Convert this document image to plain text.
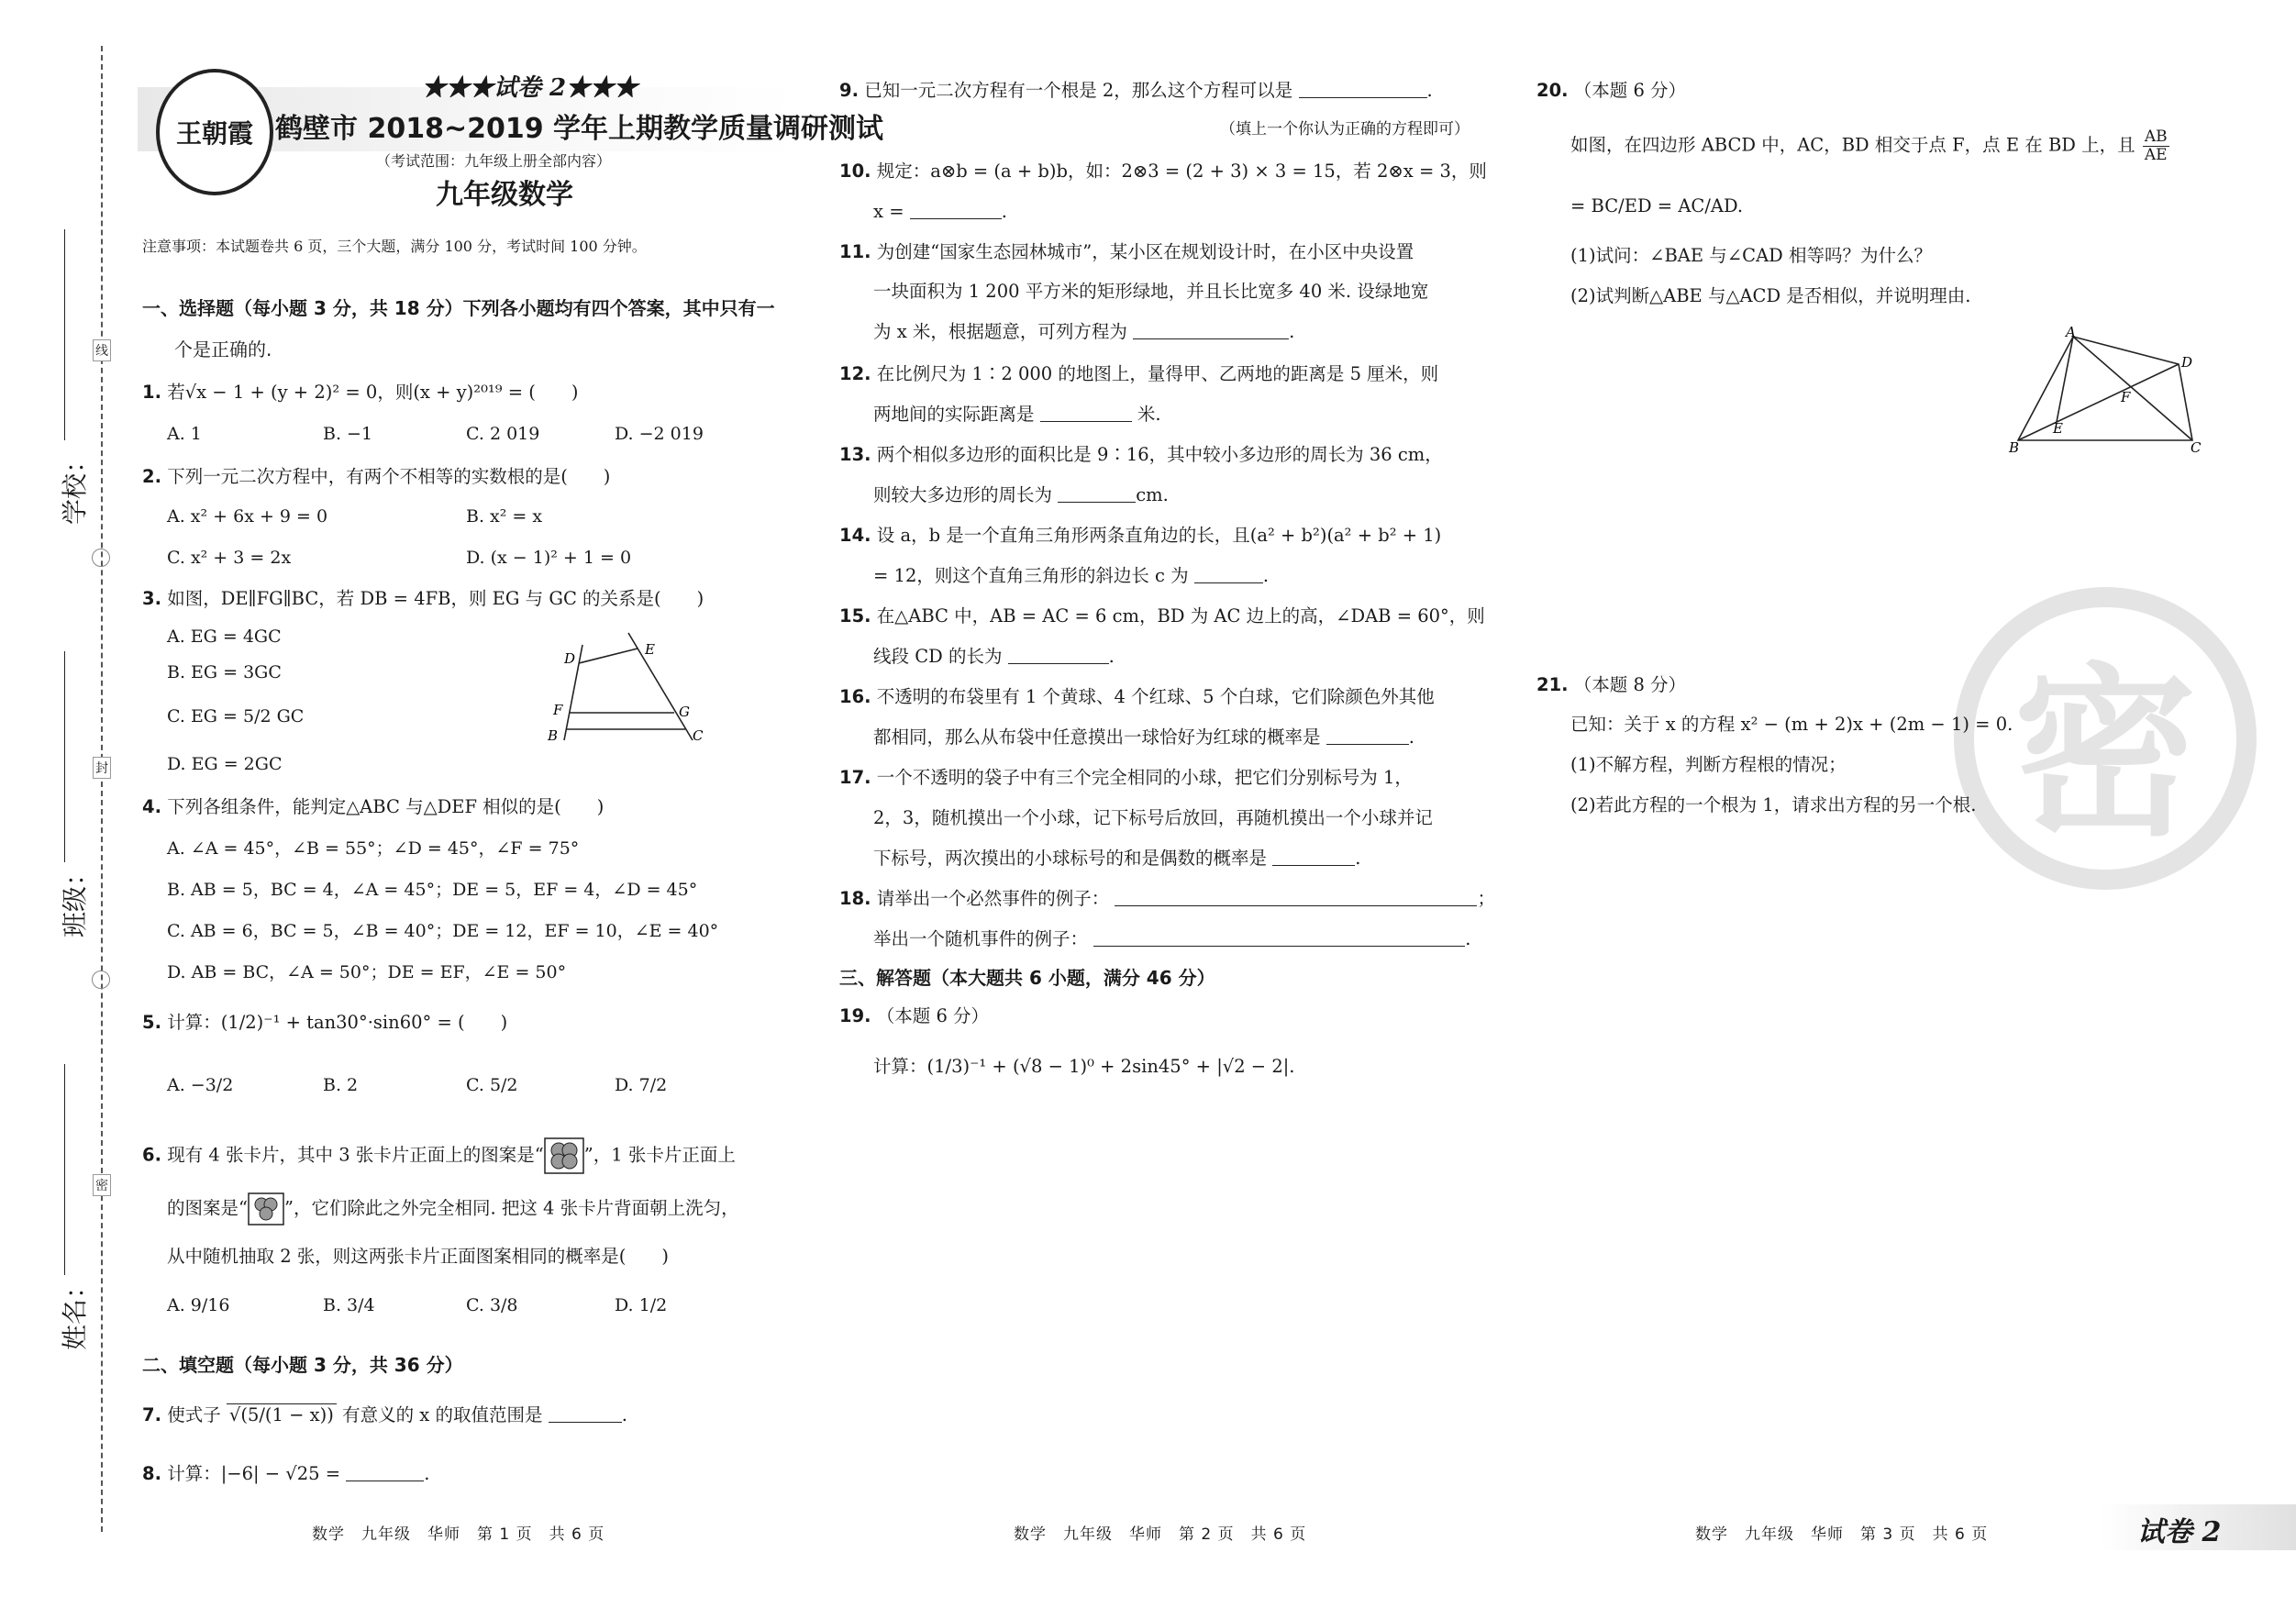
学校：
班级：
姓名：
线
封
密
王朝霞
★★★试卷 2★★★
鹤壁市 2018~2019 学年上期教学质量调研测试
（考试范围：九年级上册全部内容）
九年级数学
注意事项：本试题卷共 6 页，三个大题，满分 100 分，考试时间 100 分钟。
一、选择题（每小题 3 分，共 18 分）下列各小题均有四个答案，其中只有一
个是正确的.
1. 若√x − 1 + (y + 2)² = 0，则(x + y)²⁰¹⁹ = (　　)
A. 1	B. −1	C. 2 019	D. −2 019
2. 下列一元二次方程中，有两个不相等的实数根的是(　　)
A. x² + 6x + 9 = 0	B. x² = x
C. x² + 3 = 2x	D. (x − 1)² + 1 = 0
3. 如图，DE∥FG∥BC，若 DB = 4FB，则 EG 与 GC 的关系是(　　)
A. EG = 4GC
B. EG = 3GC
C. EG = 5/2 GC
D. EG = 2GC
D
E
F	G
B	C
4. 下列各组条件，能判定△ABC 与△DEF 相似的是(　　)
A. ∠A = 45°，∠B = 55°；∠D = 45°，∠F = 75°
B. AB = 5，BC = 4，∠A = 45°；DE = 5，EF = 4，∠D = 45°
C. AB = 6，BC = 5，∠B = 40°；DE = 12，EF = 10，∠E = 40°
D. AB = BC，∠A = 50°；DE = EF，∠E = 50°
5. 计算：(1/2)⁻¹ + tan30°·sin60° = (　　)
A. −3/2	B. 2	C. 5/2	D. 7/2
6. 现有 4 张卡片，其中 3 张卡片正面上的图案是“ ”，1 张卡片正面上
的图案是“ ”，它们除此之外完全相同. 把这 4 张卡片背面朝上洗匀，
从中随机抽取 2 张，则这两张卡片正面图案相同的概率是(　　)
A. 9/16	B. 3/4	C. 3/8	D. 1/2
二、填空题（每小题 3 分，共 36 分）
7. 使式子 √(5/(1 − x)) 有意义的 x 的取值范围是	.
8. 计算：|−6| − √25 =	.
9. 已知一元二次方程有一个根是 2，那么这个方程可以是	.
（填上一个你认为正确的方程即可）
10. 规定：a⊗b = (a + b)b，如：2⊗3 = (2 + 3) × 3 = 15，若 2⊗x = 3，则
x =	.
11. 为创建“国家生态园林城市”，某小区在规划设计时，在小区中央设置
一块面积为 1 200 平方米的矩形绿地，并且长比宽多 40 米. 设绿地宽
为 x 米，根据题意，可列方程为	.
12. 在比例尺为 1∶2 000 的地图上，量得甲、乙两地的距离是 5 厘米，则
两地间的实际距离是	米.
13. 两个相似多边形的面积比是 9∶16，其中较小多边形的周长为 36 cm，
则较大多边形的周长为	cm.
14. 设 a，b 是一个直角三角形两条直角边的长，且(a² + b²)(a² + b² + 1)
= 12，则这个直角三角形的斜边长 c 为	.
15. 在△ABC 中，AB = AC = 6 cm，BD 为 AC 边上的高，∠DAB = 60°，则
线段 CD 的长为	.
16. 不透明的布袋里有 1 个黄球、4 个红球、5 个白球，它们除颜色外其他
都相同，那么从布袋中任意摸出一球恰好为红球的概率是	.
17. 一个不透明的袋子中有三个完全相同的小球，把它们分别标号为 1，
2，3，随机摸出一个小球，记下标号后放回，再随机摸出一个小球并记
下标号，两次摸出的小球标号的和是偶数的概率是	.
18. 请举出一个必然事件的例子：	；
举出一个随机事件的例子：	.
三、解答题（本大题共 6 小题，满分 46 分）
19. （本题 6 分）
计算：(1/3)⁻¹ + (√8 − 1)⁰ + 2sin45° + |√2 − 2|.
20. （本题 6 分）
如图，在四边形 ABCD 中，AC，BD 相交于点 F，点 E 在 BD 上，且 $\frac{AB}{AE}$
= BC/ED = AC/AD.
(1)试问：∠BAE 与∠CAD 相等吗？为什么？
(2)试判断△ABE 与△ACD 是否相似，并说明理由.
A
D
F
E
B	C
密
21. （本题 8 分）
已知：关于 x 的方程 x² − (m + 2)x + (2m − 1) = 0.
(1)不解方程，判断方程根的情况；
(2)若此方程的一个根为 1，请求出方程的另一个根.
数学　九年级　华师　第 1 页　共 6 页	数学　九年级　华师　第 2 页　共 6 页	数学　九年级　华师　第 3 页　共 6 页	试卷 2
